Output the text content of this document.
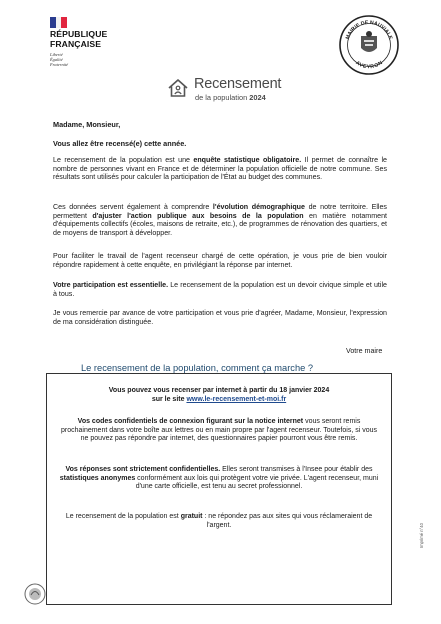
RÉPUBLIQUE
FRANÇAISE
Liberté
Égalité
Fraternité
MAIRIE DE NAUVIALE
AVEYRON
Recensement
de la population 2024
Madame, Monsieur,
Vous allez être recensé(e) cette année.
Le recensement de la population est une enquête statistique obligatoire. Il permet de connaître le nombre de personnes vivant en France et de déterminer la population officielle de notre commune. Ses résultats sont utilisés pour calculer la participation de l'État au budget des communes.
Ces données servent également à comprendre l'évolution démographique de notre territoire. Elles permettent d'ajuster l'action publique aux besoins de la population en matière notamment d'équipements collectifs (écoles, maisons de retraite, etc.), de programmes de rénovation des quartiers, et de moyens de transport à développer.
Pour faciliter le travail de l'agent recenseur chargé de cette opération, je vous prie de bien vouloir répondre rapidement à cette enquête, en privilégiant la réponse par internet.
Votre participation est essentielle. Le recensement de la population est un devoir civique simple et utile à tous.
Je vous remercie par avance de votre participation et vous prie d'agréer, Madame, Monsieur, l'expression de ma considération distinguée.
Votre maire
Le recensement de la population, comment ça marche ?
Vous pouvez vous recenser par internet à partir du 18 janvier 2024
sur le site www.le-recensement-et-moi.fr
Vos codes confidentiels de connexion figurant sur la notice internet vous seront remis prochainement dans votre boîte aux lettres ou en main propre par l'agent recenseur. Toutefois, si vous ne pouvez pas répondre par internet, des questionnaires papier pourront vous être remis.
Vos réponses sont strictement confidentielles. Elles seront transmises à l'Insee pour établir des statistiques anonymes conformément aux lois qui protègent votre vie privée. L'agent recenseur, muni d'une carte officielle, est tenu au secret professionnel.
Le recensement de la population est gratuit : ne répondez pas aux sites qui vous réclameraient de l'argent.	Imprimé n°40
